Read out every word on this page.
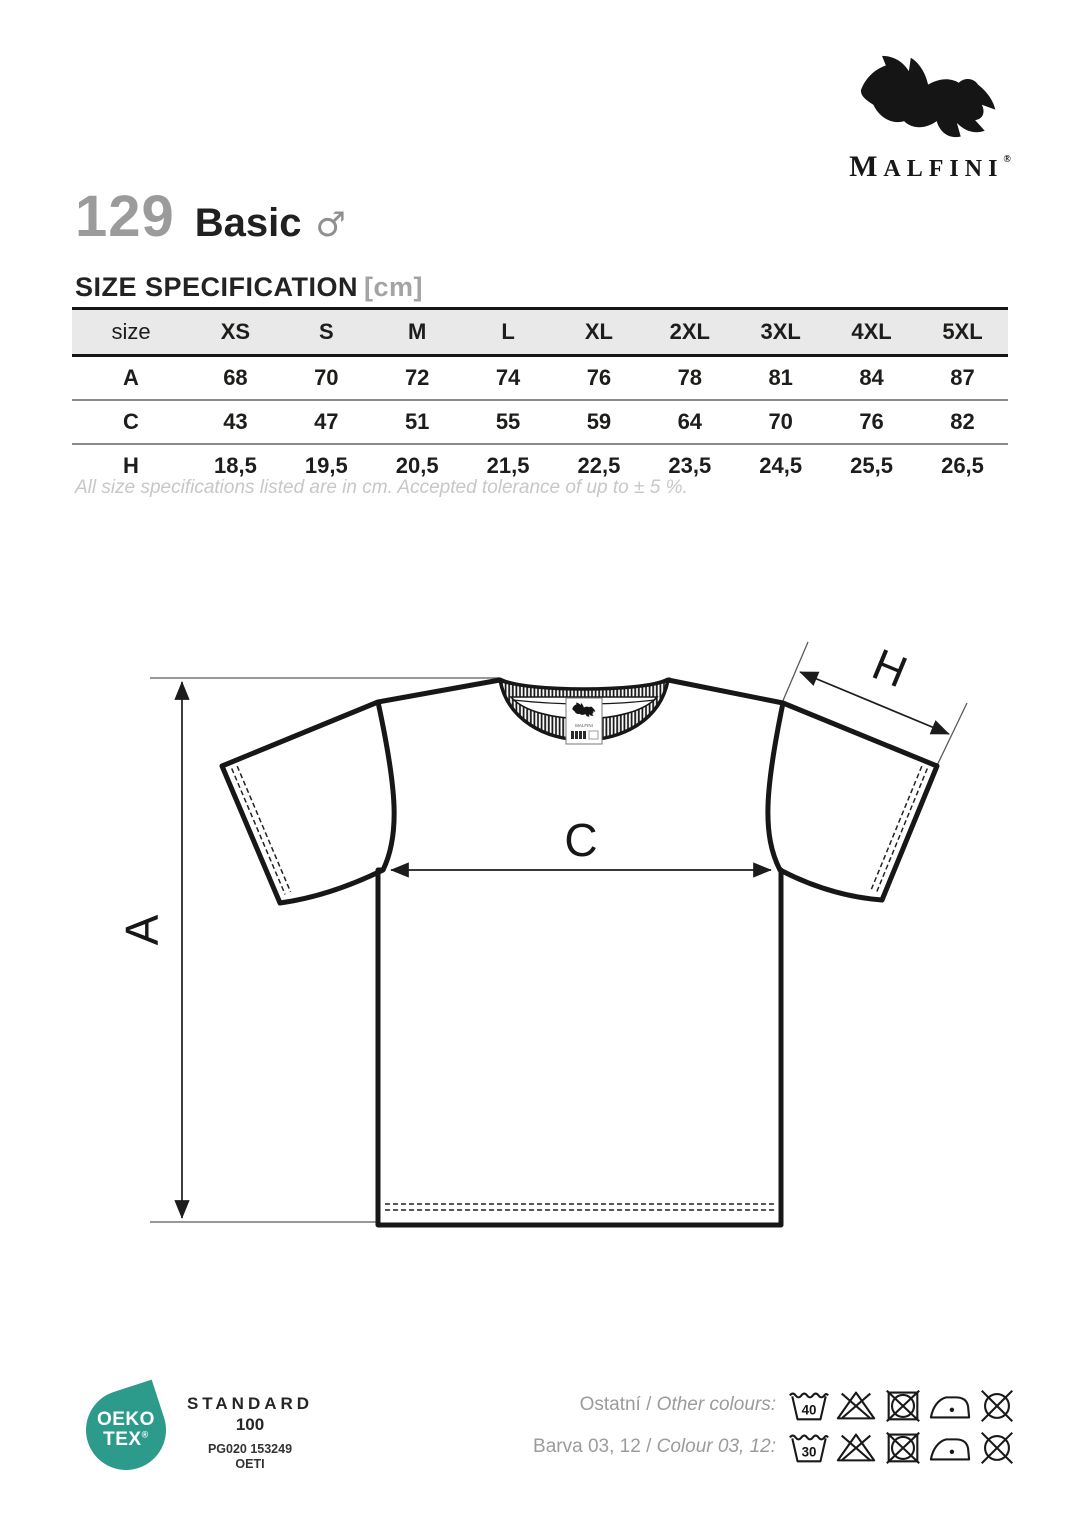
MALFINI®
129 Basic ♂
SIZE SPECIFICATION [cm]
size	XS	S	M	L	XL	2XL	3XL	4XL	5XL
A	68	70	72	74	76	78	81	84	87
C	43	47	51	55	59	64	70	76	82
H	18,5	19,5	20,5	21,5	22,5	23,5	24,5	25,5	26,5
All size specifications listed are in cm. Accepted tolerance of up to ± 5 %.
A
C
H
MALFINI
OEKO
TEX®
STANDARD
100
PG020 153249
OETI
Ostatní / Other colours: 40
Barva 03, 12 / Colour 03, 12: 30
